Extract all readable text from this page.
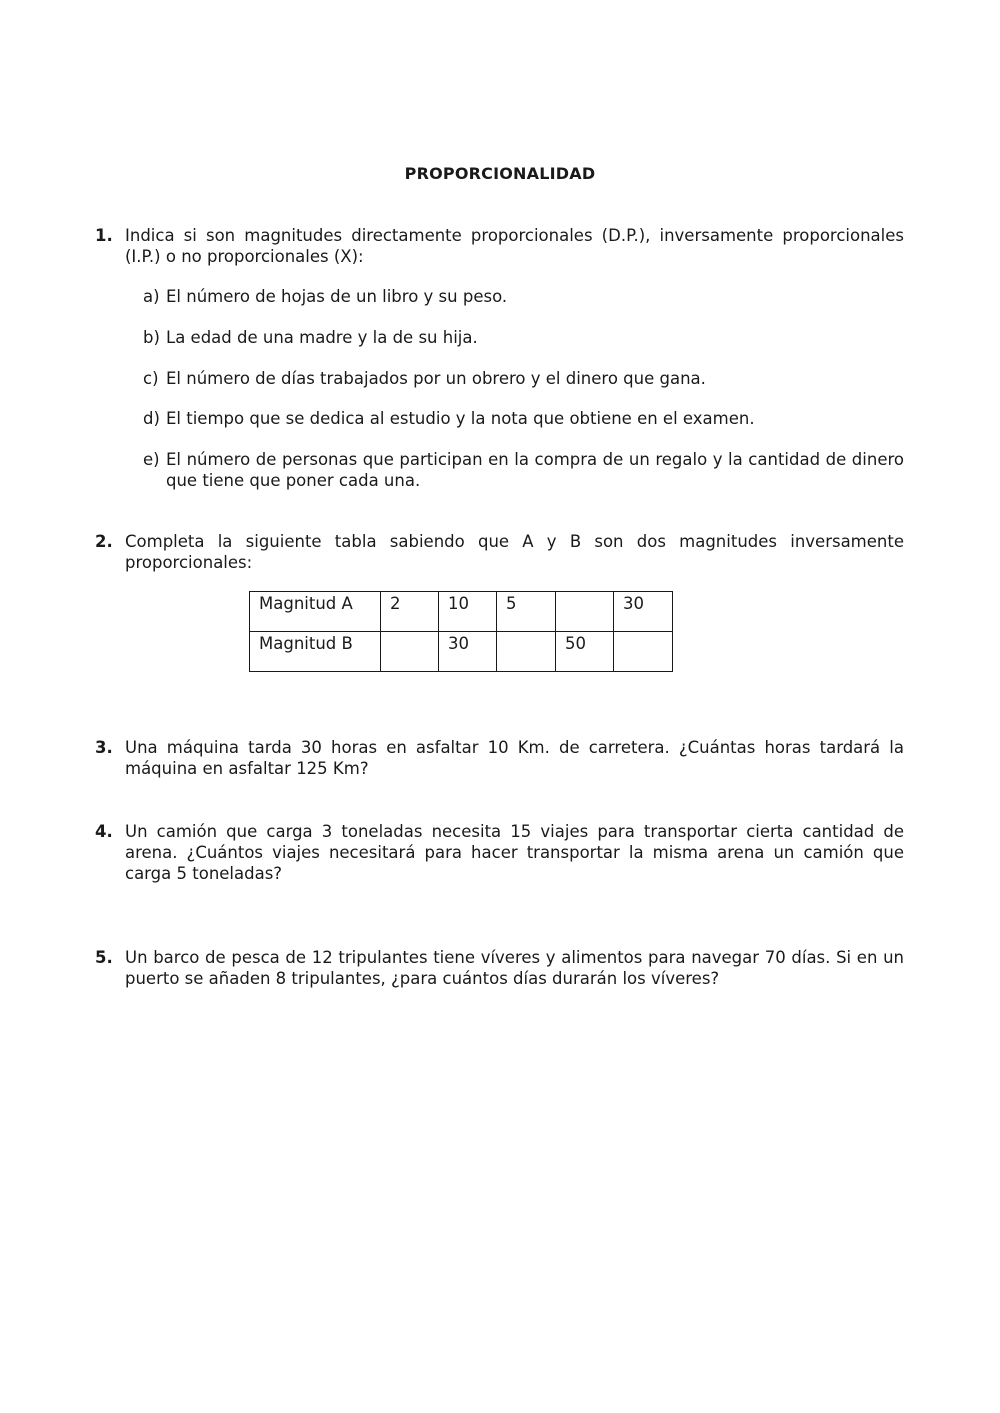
PROPORCIONALIDAD
1. Indica si son magnitudes directamente proporcionales (D.P.), inversamente proporcionales (I.P.) o no proporcionales (X):
a) El número de hojas de un libro y su peso.
b) La edad de una madre y la de su hija.
c) El número de días trabajados por un obrero y el dinero que gana.
d) El tiempo que se dedica al estudio y la nota que obtiene en el examen.
e) El número de personas que participan en la compra de un regalo y la cantidad de dinero que tiene que poner cada una.
2. Completa la siguiente tabla sabiendo que A y B son dos magnitudes inversamente proporcionales:
Magnitud A	2	10	5		30
Magnitud B		30		50	
3. Una máquina tarda 30 horas en asfaltar 10 Km. de carretera. ¿Cuántas horas tardará la máquina en asfaltar 125 Km?
4. Un camión que carga 3 toneladas necesita 15 viajes para transportar cierta cantidad de arena. ¿Cuántos viajes necesitará para hacer transportar la misma arena un camión que carga 5 toneladas?
5. Un barco de pesca de 12 tripulantes tiene víveres y alimentos para navegar 70 días. Si en un puerto se añaden 8 tripulantes, ¿para cuántos días durarán los víveres?
